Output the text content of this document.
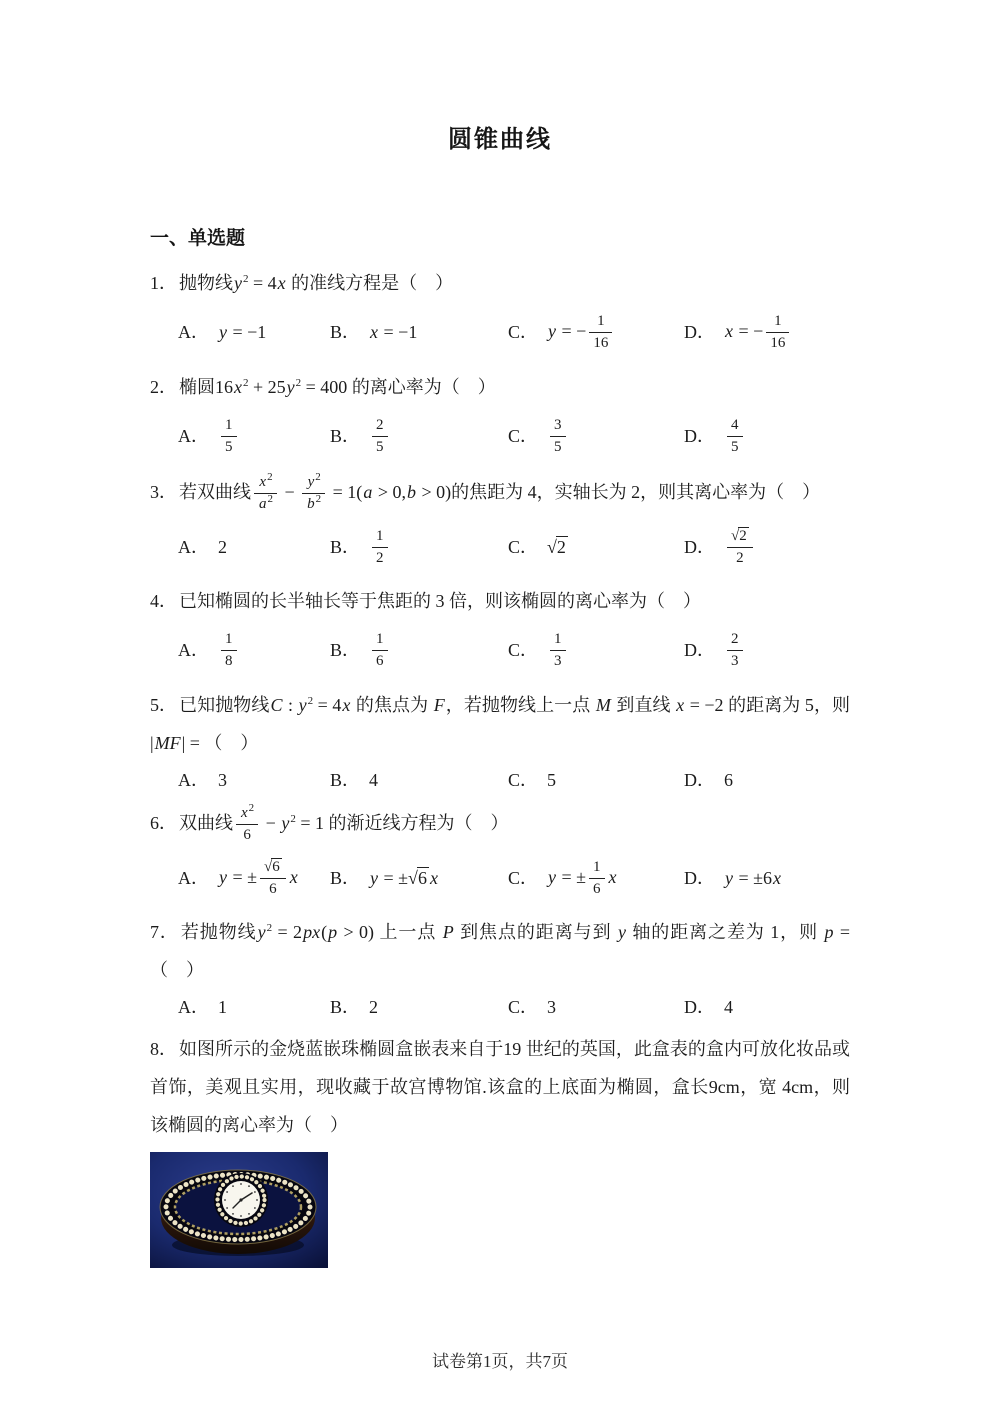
圆锥曲线
一、单选题
1． 抛物线$y^2 = 4x$ 的准线方程是（　）
A． y = −1	B． x = −1	C． y = − $\frac{1}{16}$	D． x = − $\frac{1}{16}$
2． 椭圆$16x^2 + 25y^2 = 400$ 的离心率为（　）
A． $\frac{1}{5}$	B． $\frac{2}{5}$	C． $\frac{3}{5}$	D． $\frac{4}{5}$
3． 若双曲线 $\frac{x^2}{a^2} - \frac{y^2}{b^2} = 1(a > 0,b > 0)$的焦距为 4，实轴长为 2，则其离心率为（　）
A． 2	B． $\frac{1}{2}$	C． √2	D． $\frac{√2}{2}$
4． 已知椭圆的长半轴长等于焦距的 3 倍，则该椭圆的离心率为（　）
A． $\frac{1}{8}$	B． $\frac{1}{6}$	C． $\frac{1}{3}$	D． $\frac{2}{3}$
5． 已知抛物线C : $y^2 = 4x$ 的焦点为 F，若抛物线上一点 M 到直线 x = −2 的距离为 5，则 |MF| = （　）
A． 3	B． 4	C． 5	D． 6
6． 双曲线 $\frac{x^2}{6} - y^2 = 1$ 的渐近线方程为（　）
A． y = ± $\frac{√6}{6}$ x B． y = ±√6 x	C． y = ± $\frac{1}{6}$ x	D． y = ±6x
7． 若抛物线$y^2 = 2px(p > 0)$ 上一点 P 到焦点的距离与到 y 轴的距离之差为 1，则 p = （　）
A． 1	B． 2	C． 3	D． 4
8． 如图所示的金烧蓝嵌珠椭圆盒嵌表来自于19 世纪的英国，此盒表的盒内可放化妆品或首饰，美观且实用，现收藏于故宫博物馆.该盒的上底面为椭圆，盒长9cm，宽 4cm，则该椭圆的离心率为（　）
试卷第1页，共7页
